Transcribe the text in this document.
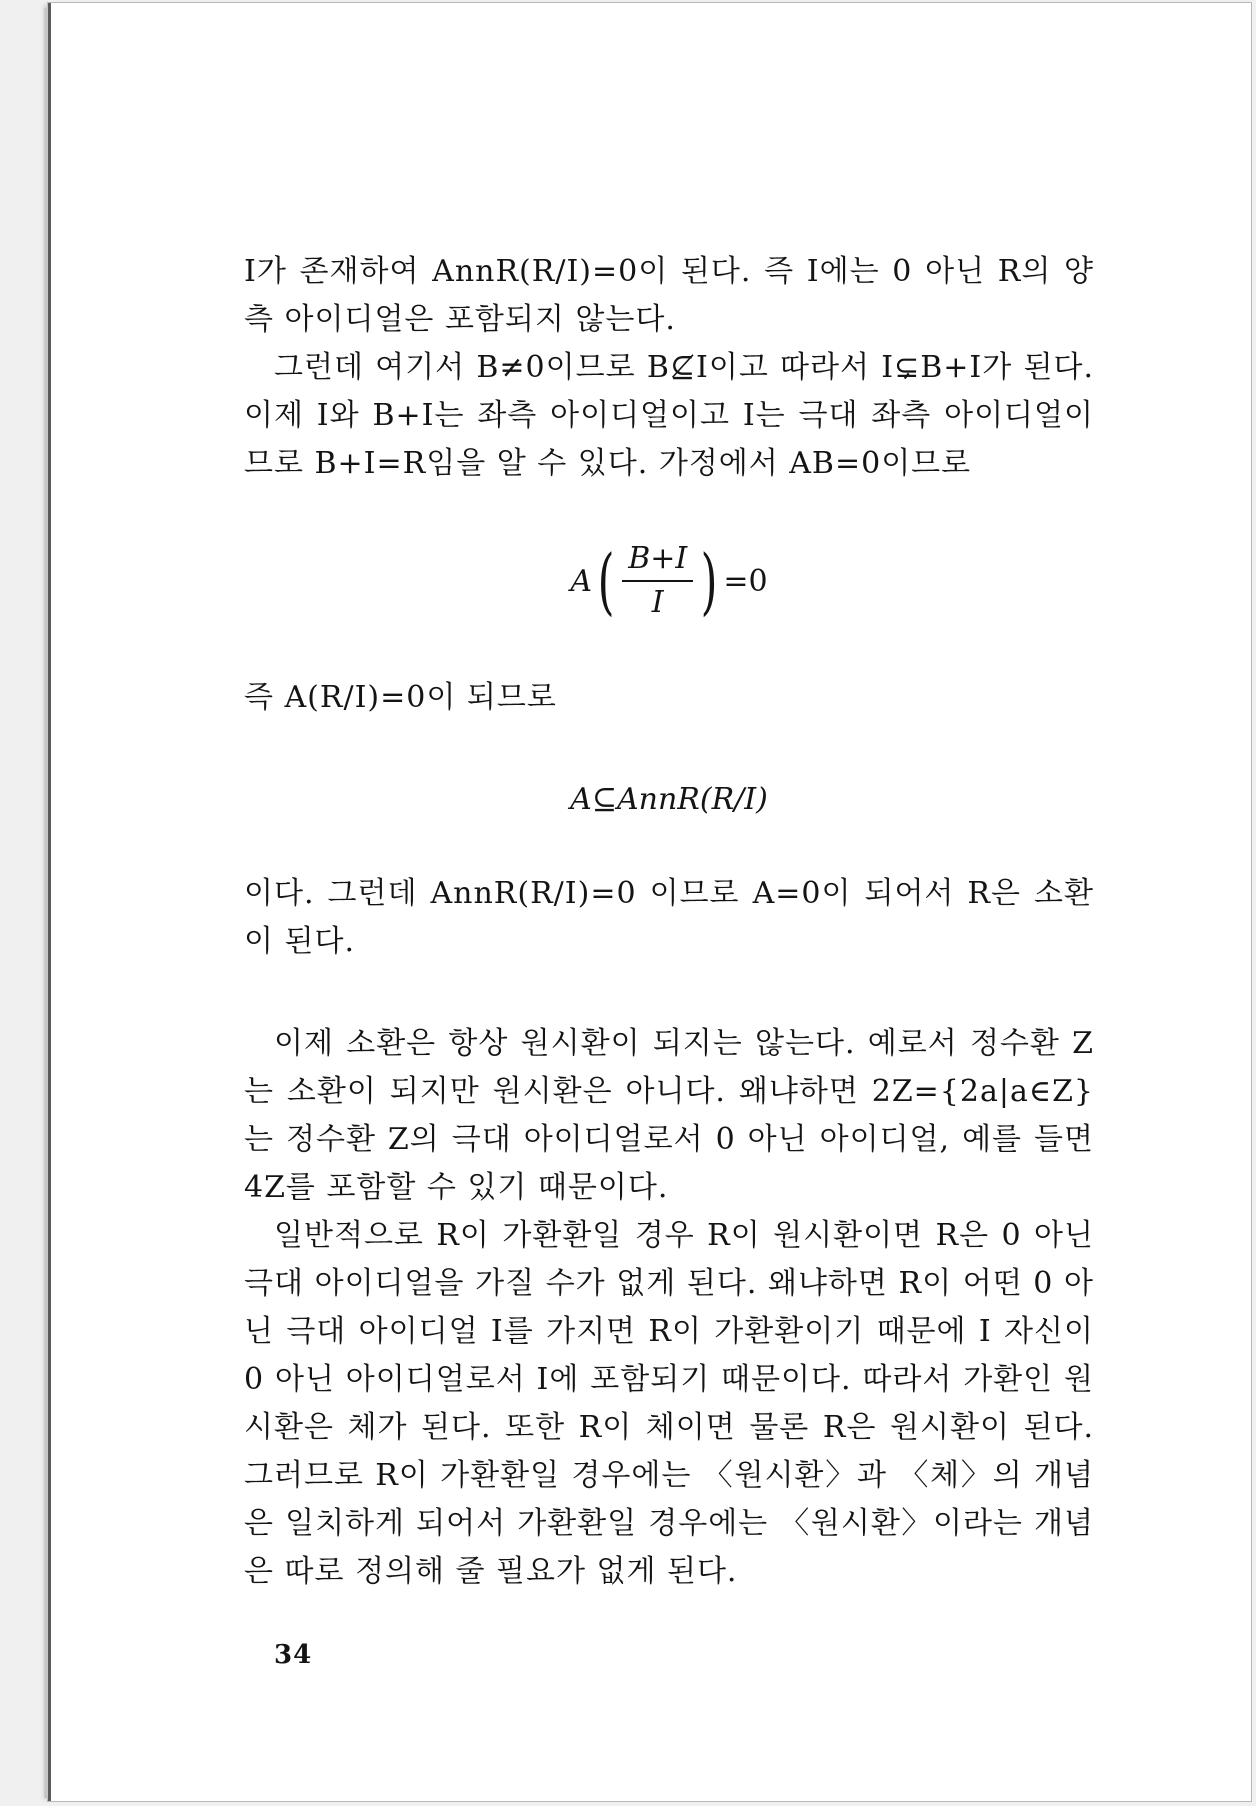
I가 존재하여 AnnR(R/I)=0이 된다. 즉 I에는 0 아닌 R의 양측 아이디얼은 포함되지 않는다.

그런데 여기서 B≠0이므로 B⊈I이고 따라서 I⊊B+I가 된다. 이제 I와 B+I는 좌측 아이디얼이고 I는 극대 좌측 아이디얼이므로 B+I=R임을 알 수 있다. 가정에서 AB=0이므로

A ( $\frac{B+I}{I}$ ) =0

즉 A(R/I)=0이 되므로

A⊆AnnR(R/I)

이다. 그런데 AnnR(R/I)=0 이므로 A=0이 되어서 R은 소환이 된다.

이제 소환은 항상 원시환이 되지는 않는다. 예로서 정수환 Z는 소환이 되지만 원시환은 아니다. 왜냐하면 2Z={2a|a∈Z}는 정수환 Z의 극대 아이디얼로서 0 아닌 아이디얼, 예를 들면 4Z를 포함할 수 있기 때문이다.

일반적으로 R이 가환환일 경우 R이 원시환이면 R은 0 아닌 극대 아이디얼을 가질 수가 없게 된다. 왜냐하면 R이 어떤 0 아닌 극대 아이디얼 I를 가지면 R이 가환환이기 때문에 I 자신이 0 아닌 아이디얼로서 I에 포함되기 때문이다. 따라서 가환인 원시환은 체가 된다. 또한 R이 체이면 물론 R은 원시환이 된다. 그러므로 R이 가환환일 경우에는 〈원시환〉과 〈체〉의 개념은 일치하게 되어서 가환환일 경우에는 〈원시환〉이라는 개념은 따로 정의해 줄 필요가 없게 된다.

34
